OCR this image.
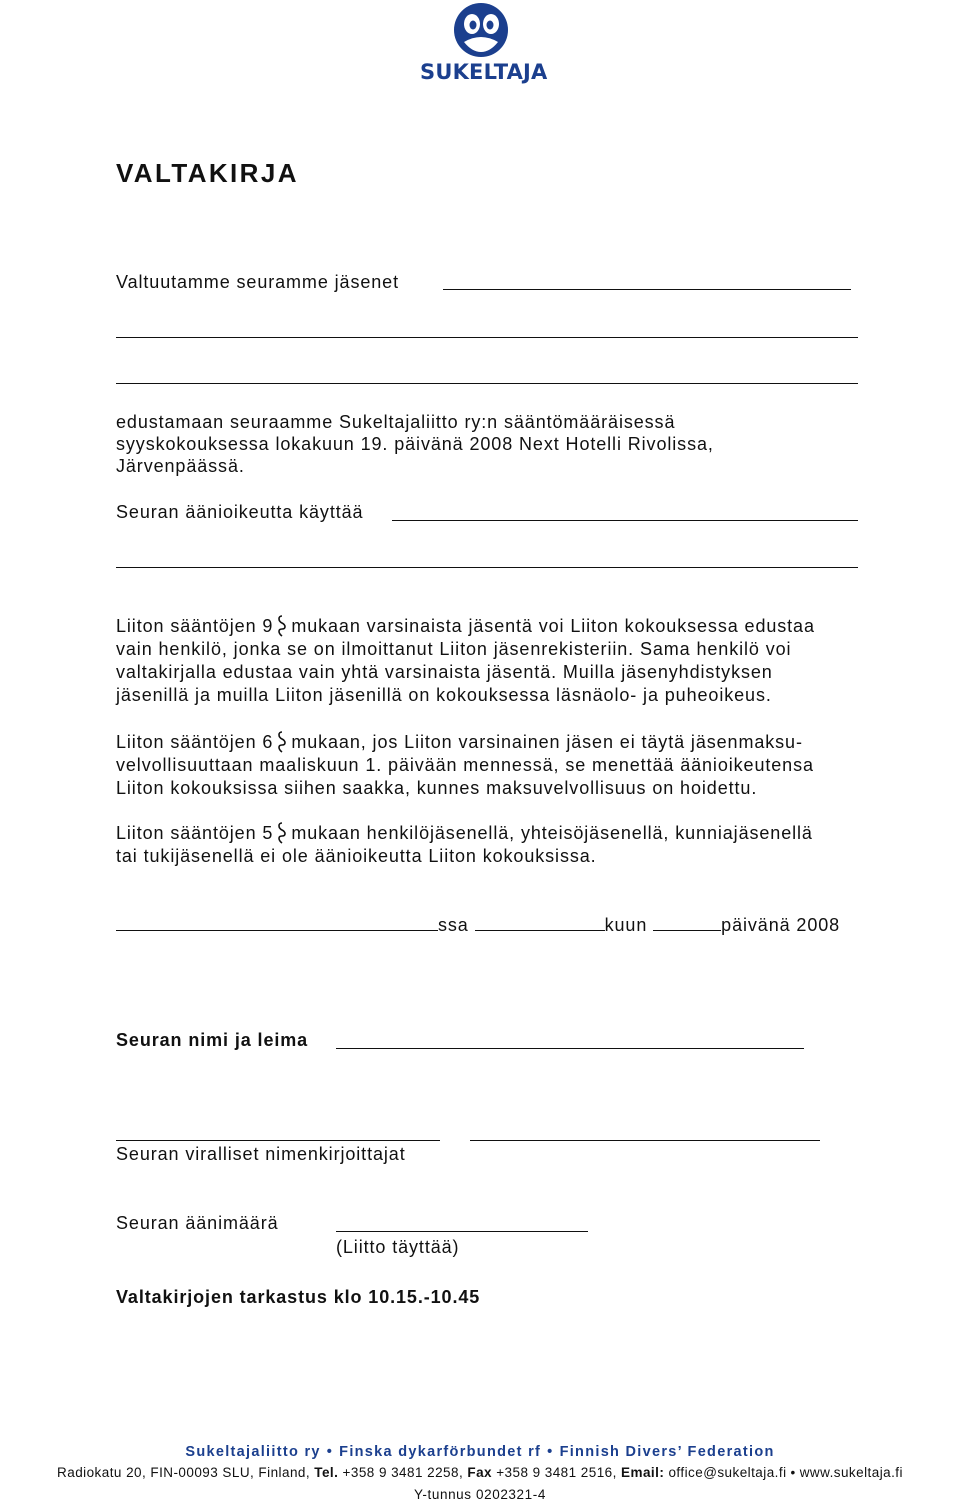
SUKELTAJA
VALTAKIRJA
Valtuutamme seuramme jäsenet
edustamaan seuraamme Sukeltajaliitto ry:n sääntömääräisessä
syyskokouksessa lokakuun 19. päivänä 2008 Next Hotelli Rivolissa,
Järvenpäässä.
Seuran äänioikeutta käyttää
Liiton sääntöjen 9 mukaan varsinaista jäsentä voi Liiton kokouksessa edustaa
vain henkilö, jonka se on ilmoittanut Liiton jäsenrekisteriin. Sama henkilö voi
valtakirjalla edustaa vain yhtä varsinaista jäsentä. Muilla jäsenyhdistyksen
jäsenillä ja muilla Liiton jäsenillä on kokouksessa läsnäolo- ja puheoikeus.
Liiton sääntöjen 6 mukaan, jos Liiton varsinainen jäsen ei täytä jäsenmaksu-
velvollisuuttaan maaliskuun 1. päivään mennessä, se menettää äänioikeutensa
Liiton kokouksissa siihen saakka, kunnes maksuvelvollisuus on hoidettu.
Liiton sääntöjen 5 mukaan henkilöjäsenellä, yhteisöjäsenellä, kunniajäsenellä
tai tukijäsenellä ei ole äänioikeutta Liiton kokouksissa.
ssa	kuun	päivänä 2008
Seuran nimi ja leima
Seuran viralliset nimenkirjoittajat
Seuran äänimäärä
(Liitto täyttää)
Valtakirjojen tarkastus klo 10.15.-10.45
Sukeltajaliitto ry • Finska dykarförbundet rf • Finnish Divers’ Federation
Radiokatu 20, FIN-00093 SLU, Finland, Tel. +358 9 3481 2258, Fax +358 9 3481 2516, Email: office@sukeltaja.fi • www.sukeltaja.fi
Y-tunnus 0202321-4
